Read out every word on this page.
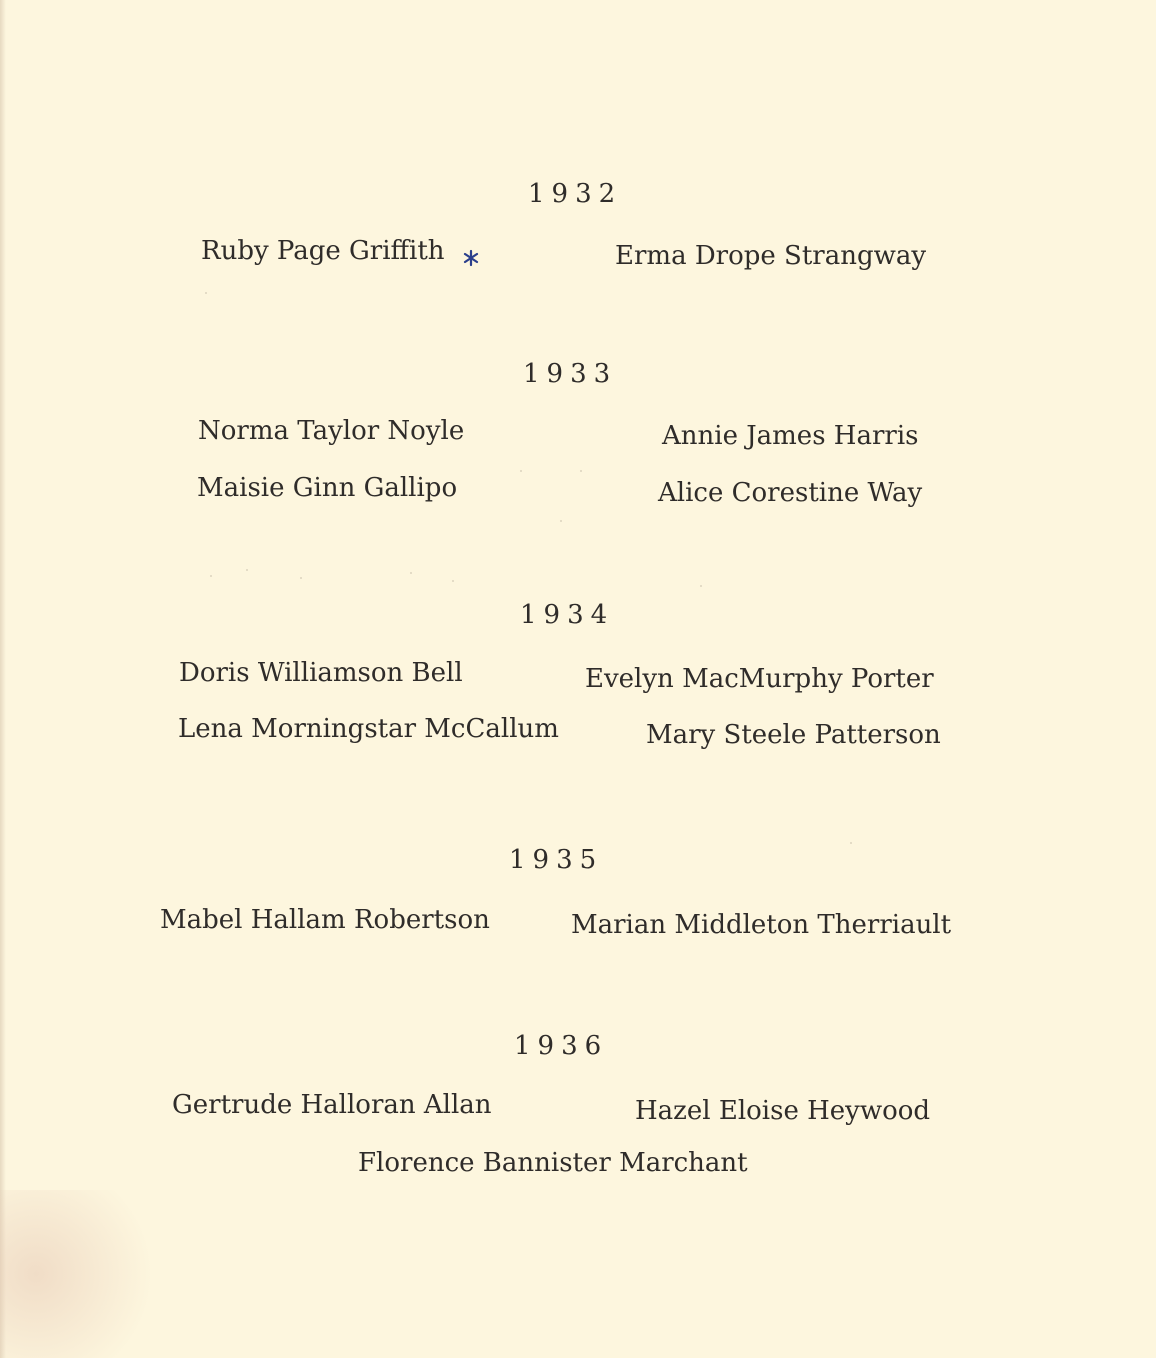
1932
Ruby Page Griffith	Erma Drope Strangway
1933
Norma Taylor Noyle	Annie James Harris
Maisie Ginn Gallipo	Alice Corestine Way
1934
Doris Williamson Bell	Evelyn MacMurphy Porter
Lena Morningstar McCallum	Mary Steele Patterson
1935
Mabel Hallam Robertson	Marian Middleton Therriault
1936
Gertrude Halloran Allan	Hazel Eloise Heywood
Florence Bannister Marchant
